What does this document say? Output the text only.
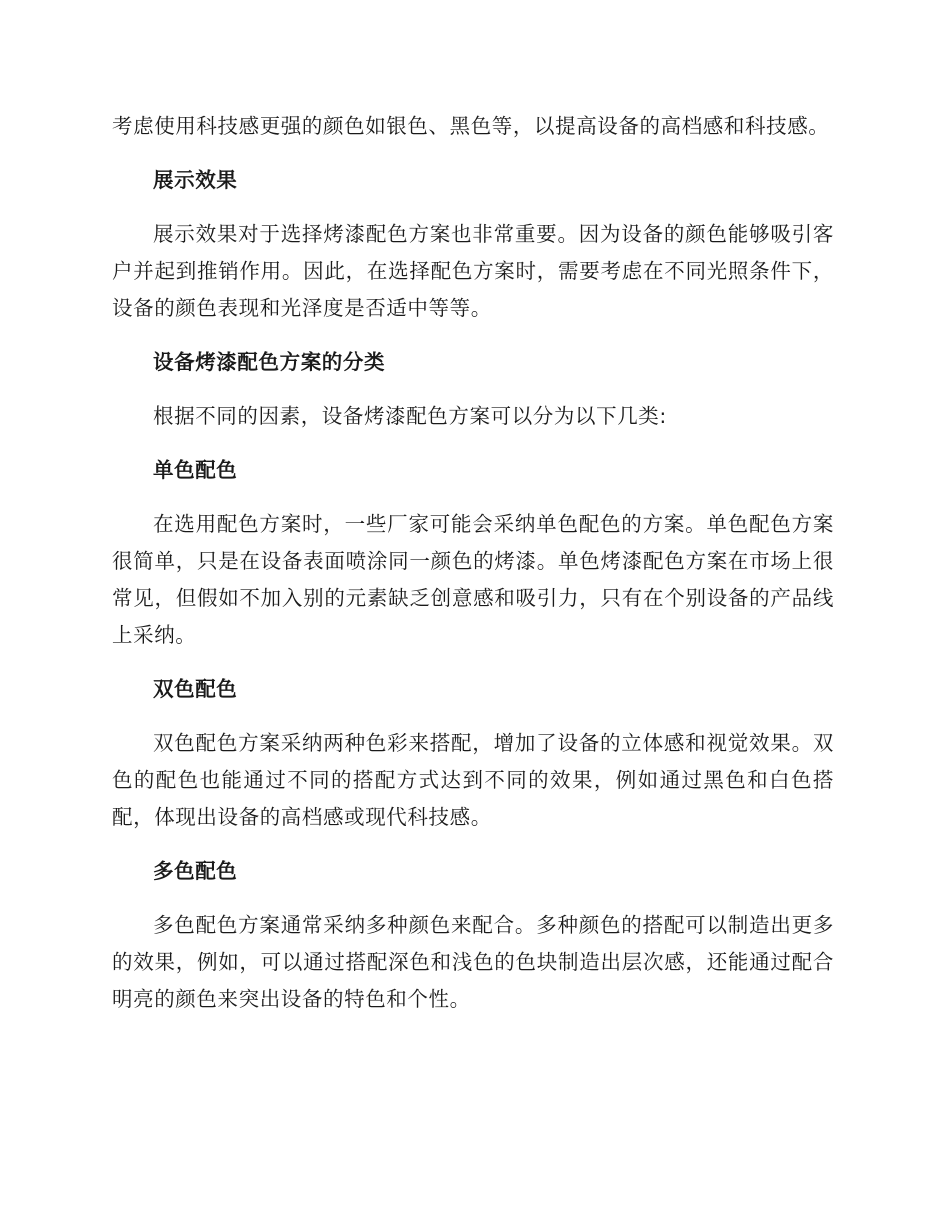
考虑使用科技感更强的颜色如银色、黑色等，以提高设备的高档感和科技感。

展示效果

展示效果对于选择烤漆配色方案也非常重要。因为设备的颜色能够吸引客户并起到推销作用。因此，在选择配色方案时，需要考虑在不同光照条件下，设备的颜色表现和光泽度是否适中等等。

设备烤漆配色方案的分类

根据不同的因素，设备烤漆配色方案可以分为以下几类:

单色配色

在选用配色方案时，一些厂家可能会采纳单色配色的方案。单色配色方案很简单，只是在设备表面喷涂同一颜色的烤漆。单色烤漆配色方案在市场上很常见，但假如不加入别的元素缺乏创意感和吸引力，只有在个别设备的产品线上采纳。

双色配色

双色配色方案采纳两种色彩来搭配，增加了设备的立体感和视觉效果。双色的配色也能通过不同的搭配方式达到不同的效果，例如通过黑色和白色搭配，体现出设备的高档感或现代科技感。

多色配色

多色配色方案通常采纳多种颜色来配合。多种颜色的搭配可以制造出更多的效果，例如，可以通过搭配深色和浅色的色块制造出层次感，还能通过配合明亮的颜色来突出设备的特色和个性。
